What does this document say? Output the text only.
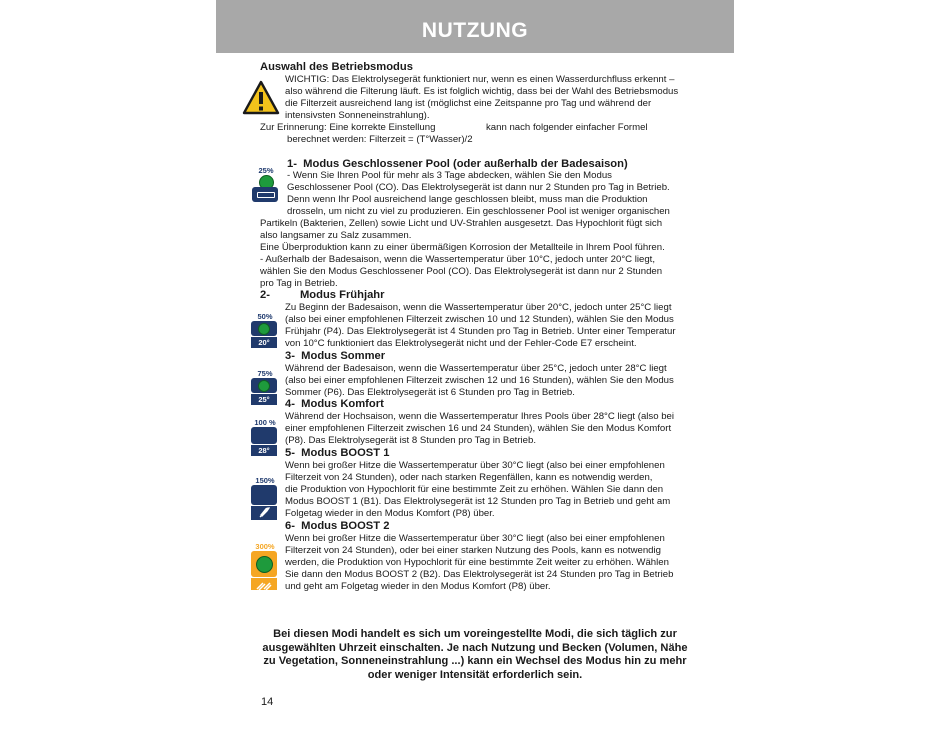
NUTZUNG
Auswahl des Betriebsmodus

WICHTIG: Das Elektrolysegerät funktioniert nur, wenn es einen Wasserdurchfluss erkennt –

also während die Filterung läuft. Es ist folglich wichtig, dass bei der Wahl des Betriebsmodus

die Filterzeit ausreichend lang ist (möglichst eine Zeitspanne pro Tag und während der

intensivsten Sonneneinstrahlung).

Zur Erinnerung: Eine korrekte Einstellung	kann nach folgender einfacher Formel
berechnet werden: Filterzeit = (T°Wasser)/2
1- Modus Geschlossener Pool (oder außerhalb der Badesaison)
25%	- Wenn Sie Ihren Pool für mehr als 3 Tage abdecken, wählen Sie den Modus

Geschlossener Pool (CO). Das Elektrolysegerät ist dann nur 2 Stunden pro Tag in Betrieb.

Denn wenn Ihr Pool ausreichend lange geschlossen bleibt, muss man die Produktion

drosseln, um nicht zu viel zu produzieren. Ein geschlossener Pool ist weniger organischen

Partikeln (Bakterien, Zellen) sowie Licht und UV-Strahlen ausgesetzt. Das Hypochlorit fügt sich

also langsamer zu Salz zusammen.

Eine Überproduktion kann zu einer übermäßigen Korrosion der Metallteile in Ihrem Pool führen.

- Außerhalb der Badesaison, wenn die Wassertemperatur über 10°C, jedoch unter 20°C liegt,

wählen Sie den Modus Geschlossener Pool (CO). Das Elektrolysegerät ist dann nur 2 Stunden

pro Tag in Betrieb.

2-	Modus Frühjahr
50%
20°

Zu Beginn der Badesaison, wenn die Wassertemperatur über 20°C, jedoch unter 25°C liegt

(also bei einer empfohlenen Filterzeit zwischen 10 und 12 Stunden), wählen Sie den Modus

Frühjahr (P4). Das Elektrolysegerät ist 4 Stunden pro Tag in Betrieb. Unter einer Temperatur

von 10°C funktioniert das Elektrolysegerät nicht und der Fehler-Code E7 erscheint.

3- Modus Sommer
75%
25°

Während der Badesaison, wenn die Wassertemperatur über 25°C, jedoch unter 28°C liegt

(also bei einer empfohlenen Filterzeit zwischen 12 und 16 Stunden), wählen Sie den Modus

Sommer (P6). Das Elektrolysegerät ist 6 Stunden pro Tag in Betrieb.

4- Modus Komfort
100 %
28°

Während der Hochsaison, wenn die Wassertemperatur Ihres Pools über 28°C liegt (also bei

einer empfohlenen Filterzeit zwischen 16 und 24 Stunden), wählen Sie den Modus Komfort

(P8). Das Elektrolysegerät ist 8 Stunden pro Tag in Betrieb.

5- Modus BOOST 1
150%

Wenn bei großer Hitze die Wassertemperatur über 30°C liegt (also bei einer empfohlenen

Filterzeit von 24 Stunden), oder nach starken Regenfällen, kann es notwendig werden,

die Produktion von Hypochlorit für eine bestimmte Zeit zu erhöhen. Wählen Sie dann den

Modus BOOST 1 (B1). Das Elektrolysegerät ist 12 Stunden pro Tag in Betrieb und geht am

Folgetag wieder in den Modus Komfort (P8) über.

6- Modus BOOST 2
300%

Wenn bei großer Hitze die Wassertemperatur über 30°C liegt (also bei einer empfohlenen

Filterzeit von 24 Stunden), oder bei einer starken Nutzung des Pools, kann es notwendig

werden, die Produktion von Hypochlorit für eine bestimmte Zeit weiter zu erhöhen. Wählen

Sie dann den Modus BOOST 2 (B2). Das Elektrolysegerät ist 24 Stunden pro Tag in Betrieb

und geht am Folgetag wieder in den Modus Komfort (P8) über.

Bei diesen Modi handelt es sich um voreingestellte Modi, die sich täglich zur
ausgewählten Uhrzeit einschalten. Je nach Nutzung und Becken (Volumen, Nähe
zu Vegetation, Sonneneinstrahlung ...) kann ein Wechsel des Modus hin zu mehr
oder weniger Intensität erforderlich sein.
14
